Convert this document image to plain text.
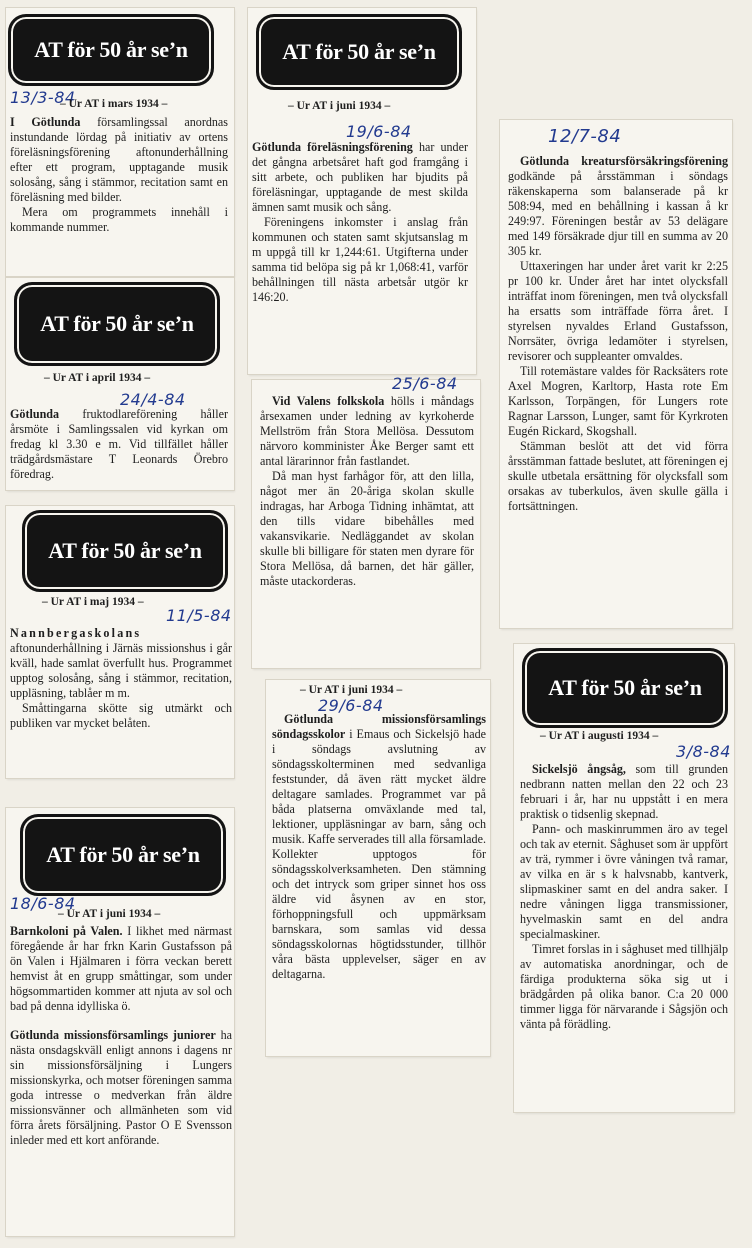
AT för 50 år se’n
13/3-84
– Ur AT i mars 1934 –

I Götlunda församlingssal anordnas instundande lördag på initiativ av ortens föreläsningsförening aftonunderhållning efter ett program, upptagande musik solosång, sång i stämmor, recitation samt en föreläsning med bilder.

Mera om programmets innehåll i kommande nummer.

AT för 50 år se’n
– Ur AT i april 1934 –
24/4-84

Götlunda fruktodlareförening håller årsmöte i Samlingssalen vid kyrkan om fredag kl 3.30 e m. Vid tillfället håller trädgårdsmästare T Leonards Örebro föredrag.

AT för 50 år se’n
– Ur AT i maj 1934 –
11/5-84

Nannbergaskolans aftonunderhållning i Järnäs missionshus i går kväll, hade samlat överfullt hus. Programmet upptog solosång, sång i stämmor, recitation, uppläsning, tablåer m m.

Småttingarna skötte sig utmärkt och publiken var mycket belåten.

AT för 50 år se’n
18/6-84
– Ur AT i juni 1934 –

Barnkoloni på Valen. I likhet med närmast föregående år har frkn Karin Gustafsson på ön Valen i Hjälmaren i förra veckan berett hemvist åt en grupp småttingar, som under högsommartiden kommer att njuta av sol och bad på denna idylliska ö.

Götlunda missionsförsamlings juniorer ha nästa onsdagskväll enligt annons i dagens nr sin missionsförsäljning i Lungers missionskyrka, och motser föreningen samma goda intresse o medverkan från äldre missionsvänner och allmänheten som vid förra årets försäljning. Pastor O E Svensson inleder med ett kort anförande.

AT för 50 år se’n
– Ur AT i juni 1934 –
19/6-84

Götlunda föreläsningsförening har under det gångna arbetsåret haft god framgång i sitt arbete, och publiken har bjudits på föreläsningar, upptagande de mest skilda ämnen samt musik och sång.

Föreningens inkomster i anslag från kommunen och staten samt skjutsanslag m m uppgå till kr 1,244:61. Utgifterna under samma tid belöpa sig på kr 1,068:41, varför behållningen till nästa arbetsår utgör kr 146:20.

25/6-84

Vid Valens folkskola hölls i måndags årsexamen under ledning av kyrkoherde Mellström från Stora Mellösa. Dessutom närvoro komminister Åke Berger samt ett antal lärarinnor från fastlandet.

Då man hyst farhågor för, att den lilla, något mer än 20-åriga skolan skulle indragas, har Arboga Tidning inhämtat, att den tills vidare bibehålles med vakansvikarie. Nedläggandet av skolan skulle bli billigare för staten men dyrare för Stora Mellösa, då barnen, det här gäller, måste utackorderas.

– Ur AT i juni 1934 –
29/6-84

Götlunda missionsförsamlings söndagsskolor i Emaus och Sickelsjö hade i söndags avslutning av söndagsskolterminen med sedvanliga feststunder, då även rätt mycket äldre deltagare samlades. Programmet var på båda platserna omväxlande med tal, lektioner, uppläsningar av barn, sång och musik. Kaffe serverades till alla församlade. Kollekter upptogos för söndagsskolverksamheten. Den stämning och det intryck som griper sinnet hos oss äldre vid åsynen av en stor, förhoppningsfull och uppmärksam barnskara, som samlas vid dessa söndagsskolornas högtidsstunder, tillhör våra bästa upplevelser, säger en av deltagarna.

12/7-84

Götlunda kreatursförsäkringsförening godkände på årsstämman i söndags räkenskaperna som balanserade på kr 508:94, med en behållning i kassan å kr 249:97. Föreningen består av 53 delägare med 149 försäkrade djur till en summa av 20 305 kr.

Uttaxeringen har under året varit kr 2:25 pr 100 kr. Under året har intet olycksfall inträffat inom föreningen, men två olycksfall ha ersatts som inträffade förra året. I styrelsen nyvaldes Erland Gustafsson, Norrsäter, övriga ledamöter i styrelsen, revisorer och suppleanter omvaldes.

Till rotemästare valdes för Racksäters rote Axel Mogren, Karltorp, Hasta rote Em Karlsson, Torpängen, för Lungers rote Ragnar Larsson, Lunger, samt för Kyrkroten Eugén Rickard, Skogshall.

Stämman beslöt att det vid förra årsstämman fattade beslutet, att föreningen ej skulle utbetala ersättning för olycksfall som orsakas av tuberkulos, även skulle gälla i fortsättningen.

AT för 50 år se’n
– Ur AT i augusti 1934 –
3/8-84

Sickelsjö ångsåg, som till grunden nedbrann natten mellan den 22 och 23 februari i år, har nu uppstått i en mera praktisk o tidsenlig skepnad.

Pann- och maskinrummen äro av tegel och tak av eternit. Såghuset som är uppfört av trä, rymmer i övre våningen två ramar, av vilka en är s k halvsnabb, kantverk, slipmaskiner samt en del andra saker. I nedre våningen ligga transmissioner, hyvelmaskin samt en del andra specialmaskiner.

Timret forslas in i såghuset med tillhjälp av automatiska anordningar, och de färdiga produkterna söka sig ut i brädgården på olika banor. C:a 20 000 timmer ligga för närvarande i Sågsjön och vänta på förädling.
